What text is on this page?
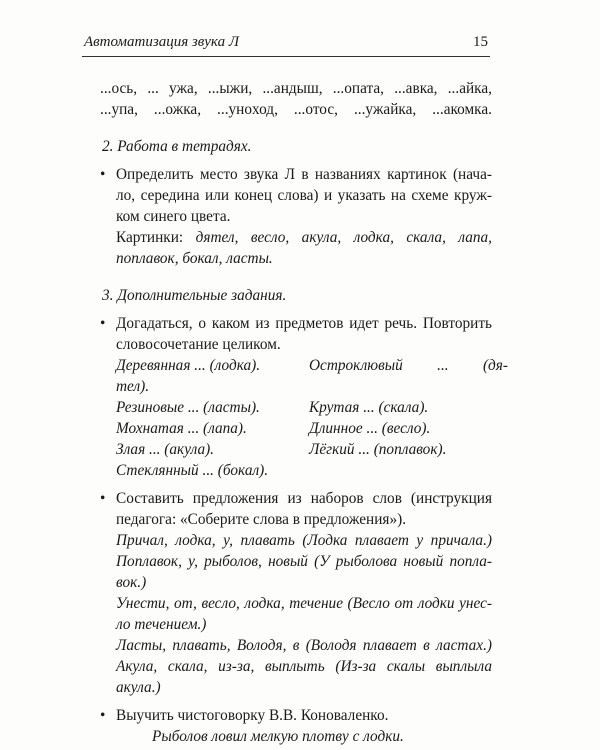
Автоматизация звука Л	15
...ось, ... ужа, ...ыжи, ...андыш, ...опата, ...авка, ...айка,
...упа, ...ожка, ...унoход, ...отос, ...ужайка, ...акомка.
2. Работа в тетрадях.
• Определить место звука Л в названиях картинок (нача-
ло, середина или конец слова) и указать на схеме круж-
ком синего цвета.
Картинки: дятел, весло, акула, лодка, скала, лапа,
поплавок, бокал, ласты.
3. Дополнительные задания.
• Догадаться, о каком из предметов идет речь. Повторить
словосочетание целиком.
Деревянная ... (лодка).	Остроклювый ... (дя-
тел).
Резиновые ... (ласты).	Крутая ... (скала).
Мохнатая ... (лапа).	Длинное ... (весло).
Злая ... (акула).	Лёгкий ... (поплавок).
Стеклянный ... (бокал).
• Составить предложения из наборов слов (инструкция
педагога: «Соберите слова в предложения»).
Причал, лодка, у, плавать (Лодка плавает у причала.)
Поплавок, у, рыболов, новый (У рыболова новый попла-
вок.)
Унести, от, весло, лодка, течение (Весло от лодки унес-
ло течением.)
Ласты, плавать, Володя, в (Володя плавает в ластах.)
Акула, скала, из-за, выплыть (Из-за скалы выплыла
акула.)
• Выучить чистоговорку В.В. Коноваленко.
Рыболов ловил мелкую плотву с лодки.
